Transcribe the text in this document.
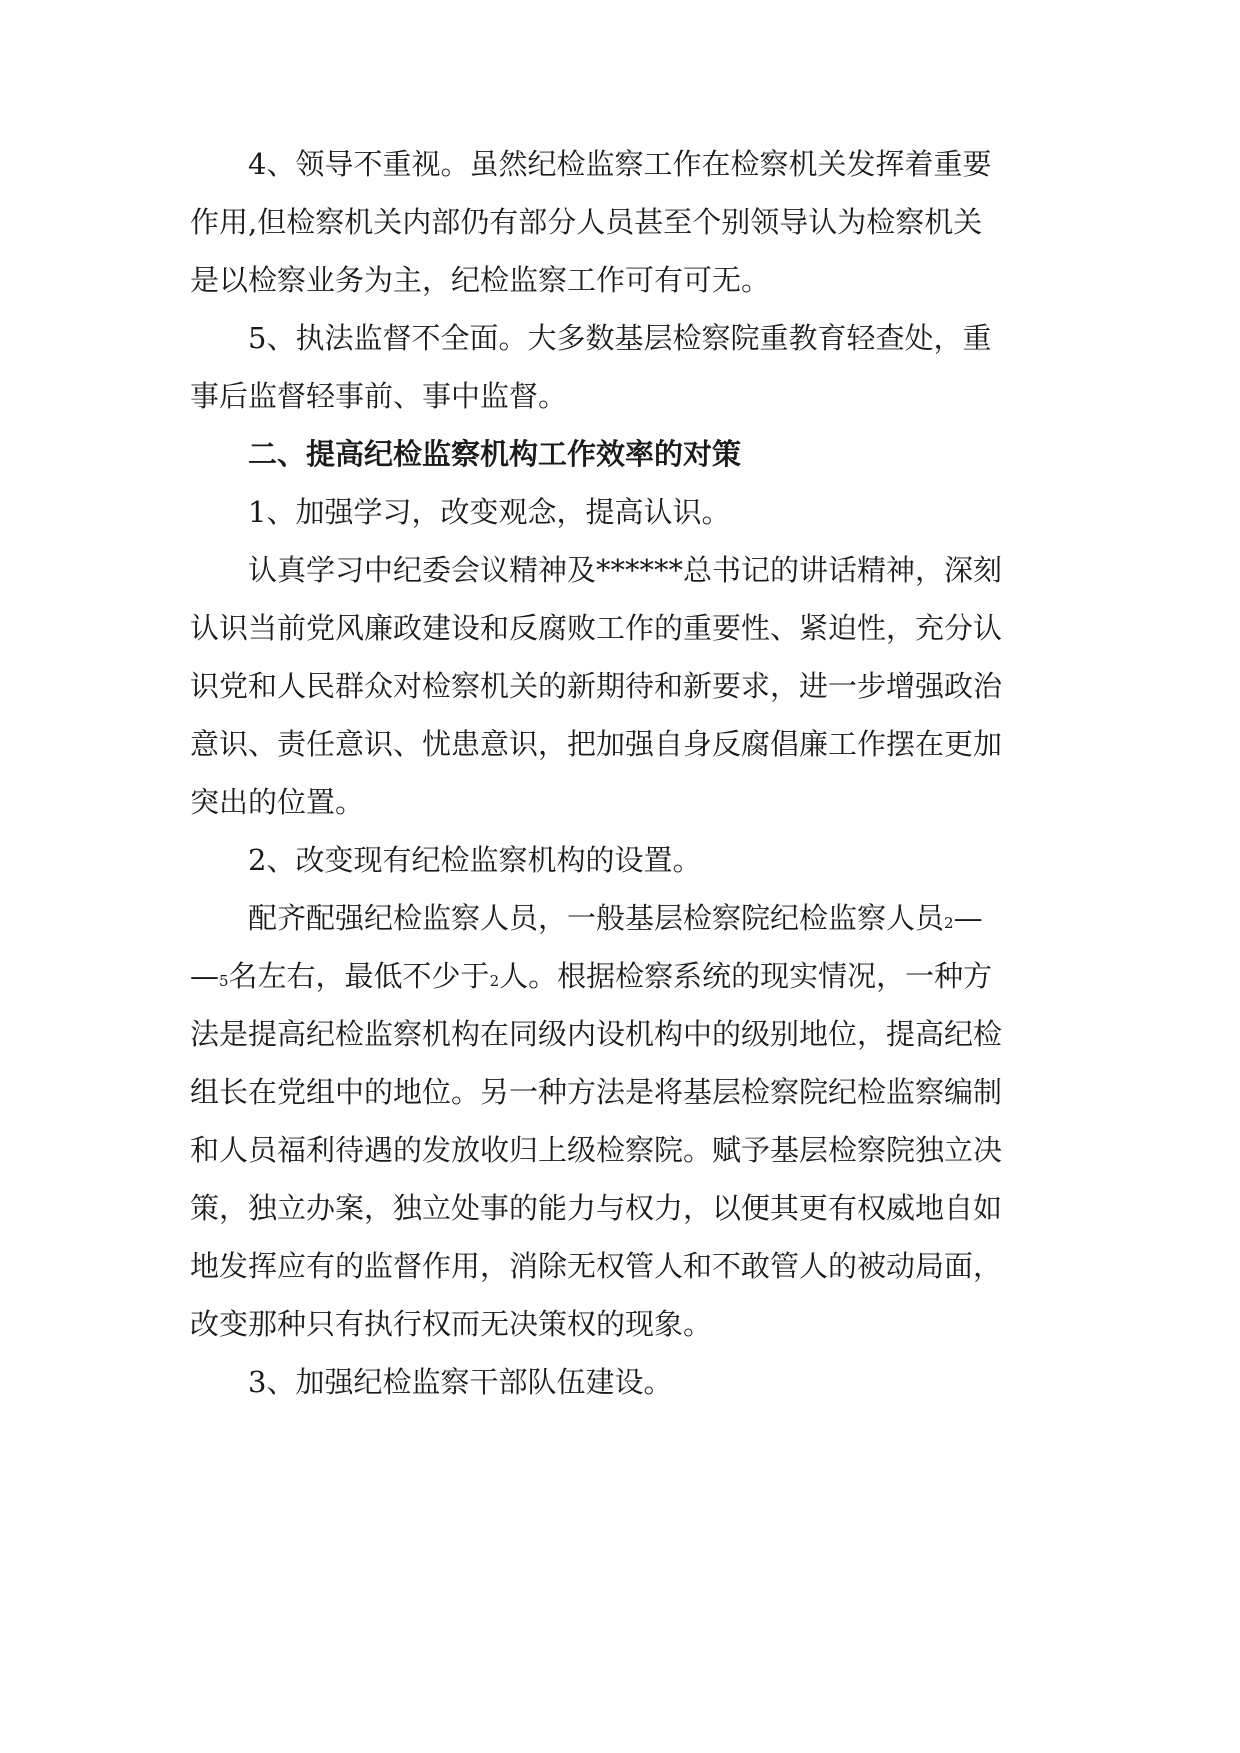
4、领导不重视。虽然纪检监察工作在检察机关发挥着重要
作用,但检察机关内部仍有部分人员甚至个别领导认为检察机关
是以检察业务为主，纪检监察工作可有可无。
5、执法监督不全面。大多数基层检察院重教育轻查处，重
事后监督轻事前、事中监督。
二、提高纪检监察机构工作效率的对策
1、加强学习，改变观念，提高认识。
认真学习中纪委会议精神及******总书记的讲话精神，深刻
认识当前党风廉政建设和反腐败工作的重要性、紧迫性，充分认
识党和人民群众对检察机关的新期待和新要求，进一步增强政治
意识、责任意识、忧患意识，把加强自身反腐倡廉工作摆在更加
突出的位置。
2、改变现有纪检监察机构的设置。
配齐配强纪检监察人员，一般基层检察院纪检监察人员2—
—5名左右，最低不少于2人。根据检察系统的现实情况，一种方
法是提高纪检监察机构在同级内设机构中的级别地位，提高纪检
组长在党组中的地位。另一种方法是将基层检察院纪检监察编制
和人员福利待遇的发放收归上级检察院。赋予基层检察院独立决
策，独立办案，独立处事的能力与权力，以便其更有权威地自如
地发挥应有的监督作用，消除无权管人和不敢管人的被动局面，
改变那种只有执行权而无决策权的现象。
3、加强纪检监察干部队伍建设。
